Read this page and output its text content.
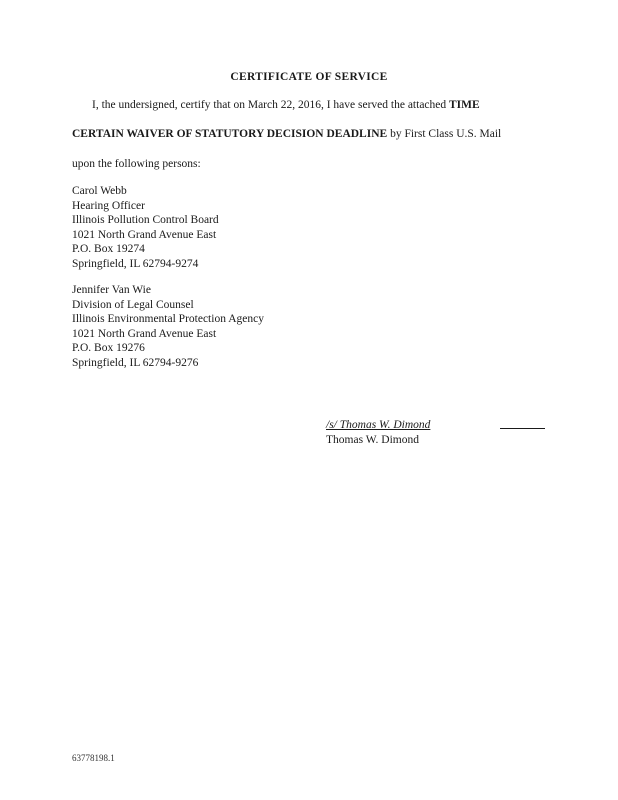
CERTIFICATE OF SERVICE
I, the undersigned, certify that on March 22, 2016, I have served the attached TIME
CERTAIN WAIVER OF STATUTORY DECISION DEADLINE by First Class U.S. Mail
upon the following persons:
Carol Webb
Hearing Officer
Illinois Pollution Control Board
1021 North Grand Avenue East
P.O. Box 19274
Springfield, IL 62794-9274
Jennifer Van Wie
Division of Legal Counsel
Illinois Environmental Protection Agency
1021 North Grand Avenue East
P.O. Box 19276
Springfield, IL 62794-9276
/s/ Thomas W. Dimond
Thomas W. Dimond
63778198.1
